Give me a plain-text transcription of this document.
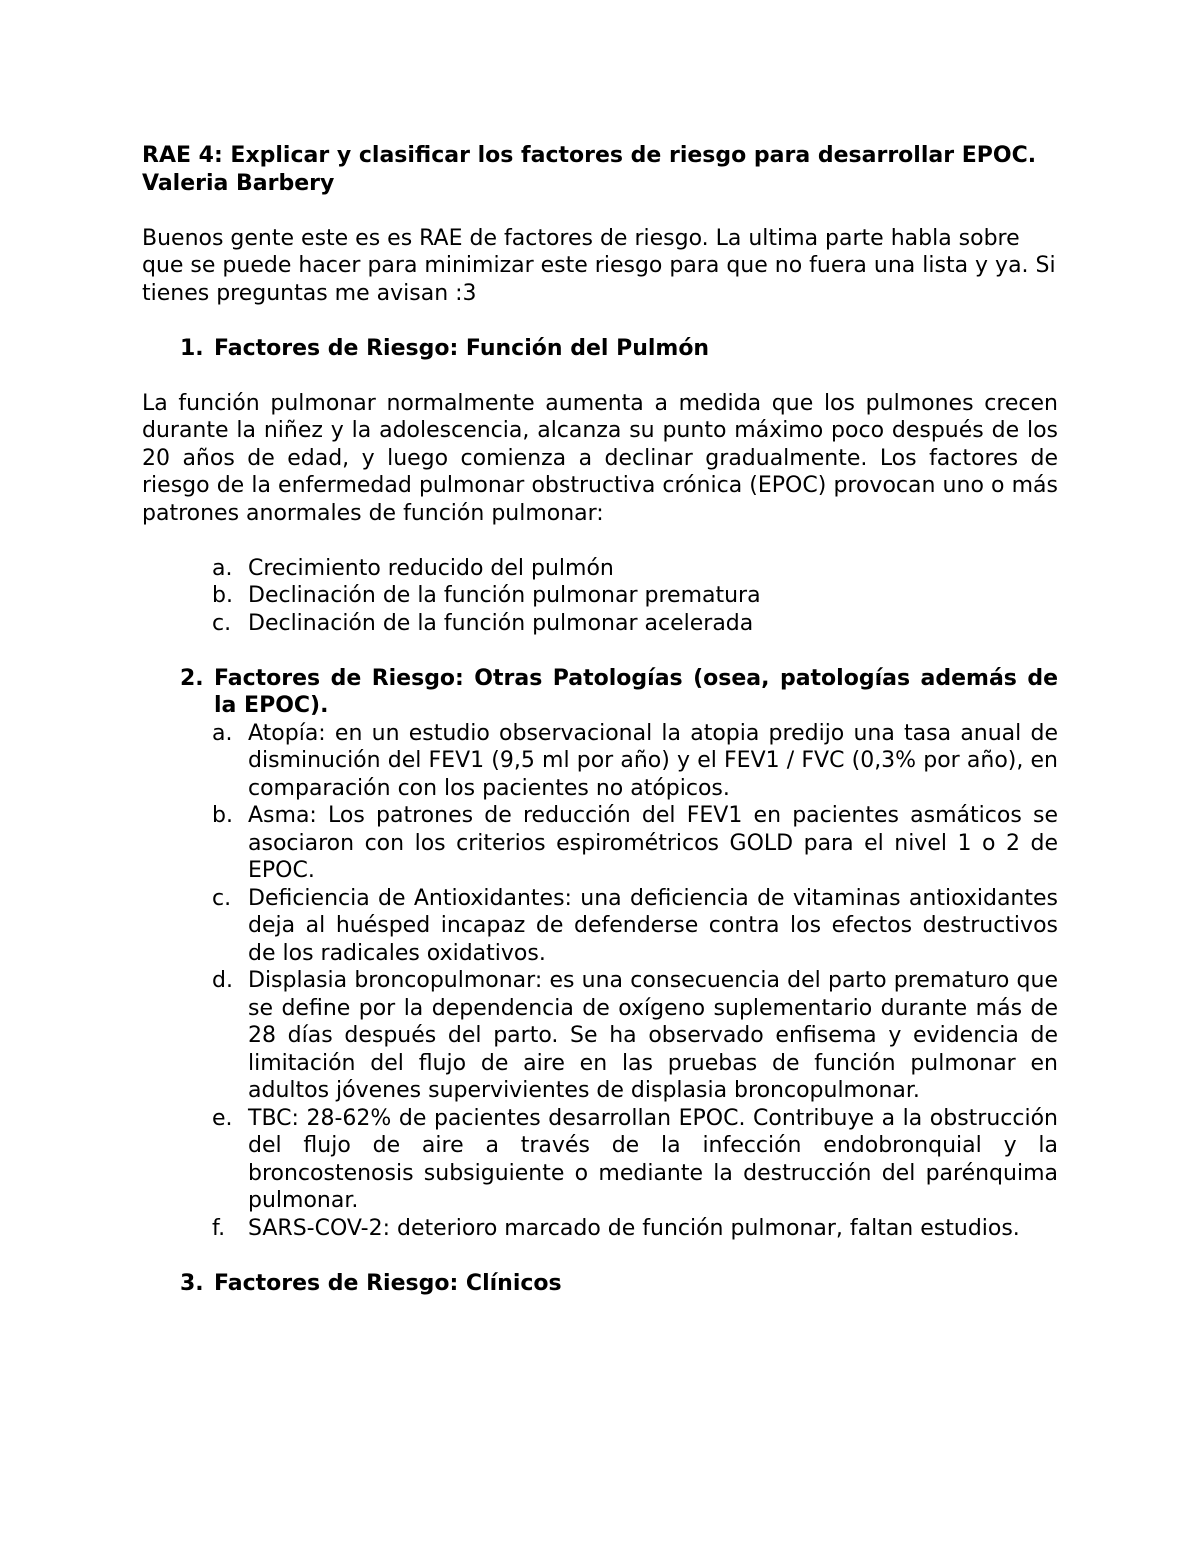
RAE 4: Explicar y clasificar los factores de riesgo para desarrollar EPOC.

Valeria Barbery

Buenos gente este es es RAE de factores de riesgo. La ultima parte habla sobre que se puede hacer para minimizar este riesgo para que no fuera una lista y ya. Si tienes preguntas me avisan :3

1. Factores de Riesgo: Función del Pulmón

La función pulmonar normalmente aumenta a medida que los pulmones crecen durante la niñez y la adolescencia, alcanza su punto máximo poco después de los 20 años de edad, y luego comienza a declinar gradualmente. Los factores de riesgo de la enfermedad pulmonar obstructiva crónica (EPOC) provocan uno o más patrones anormales de función pulmonar:

a. Crecimiento reducido del pulmón
b. Declinación de la función pulmonar prematura
c. Declinación de la función pulmonar acelerada
2. Factores de Riesgo: Otras Patologías (osea, patologías además de la EPOC).
a. Atopía: en un estudio observacional la atopia predijo una tasa anual de disminución del FEV1 (9,5 ml por año) y el FEV1 / FVC (0,3% por año), en comparación con los pacientes no atópicos.
b. Asma: Los patrones de reducción del FEV1 en pacientes asmáticos se asociaron con los criterios espirométricos GOLD para el nivel 1 o 2 de EPOC.
c. Deficiencia de Antioxidantes: una deficiencia de vitaminas antioxidantes deja al huésped incapaz de defenderse contra los efectos destructivos de los radicales oxidativos.
d. Displasia broncopulmonar: es una consecuencia del parto prematuro que se define por la dependencia de oxígeno suplementario durante más de 28 días después del parto. Se ha observado enfisema y evidencia de limitación del flujo de aire en las pruebas de función pulmonar en adultos jóvenes supervivientes de displasia broncopulmonar.
e. TBC: 28-62% de pacientes desarrollan EPOC. Contribuye a la obstrucción del flujo de aire a través de la infección endobronquial y la broncostenosis subsiguiente o mediante la destrucción del parénquima pulmonar.
f.	SARS-COV-2: deterioro marcado de función pulmonar, faltan estudios.
3. Factores de Riesgo: Clínicos
